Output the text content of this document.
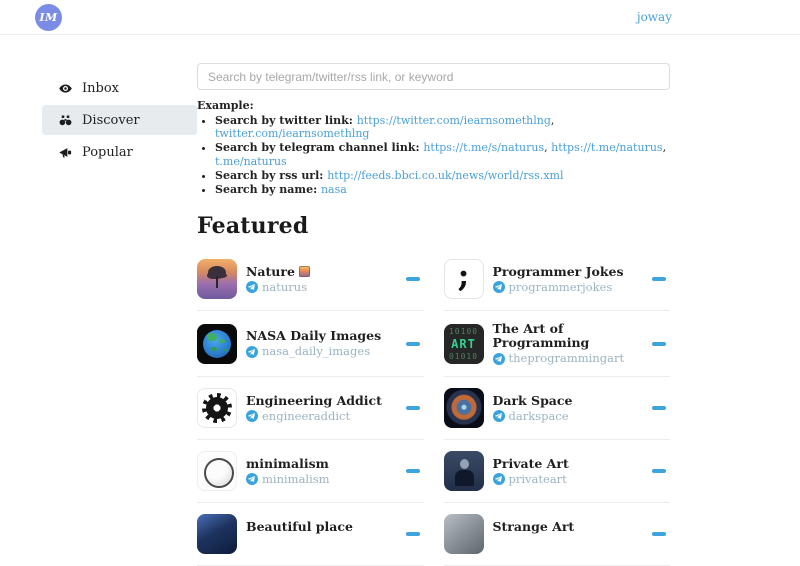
IM	joway
Inbox
Discover
Popular
Search by telegram/twitter/rss link, or keyword
Example:
• Search by twitter link: https://twitter.com/iearnsomethlng, twitter.com/iearnsomethlng
• Search by telegram channel link: https://t.me/s/naturus, https://t.me/naturus, t.me/naturus
• Search by rss url: http://feeds.bbci.co.uk/news/world/rss.xml
• Search by name: nasa
Featured
Nature
naturus	; Programmer Jokes
programmerjokes
NASA Daily Images
nasa_daily_images
ART
10100
01010
The Art of Programming
theprogrammingart
Engineering Addict
engineeraddict
Dark Space
darkspace
minimalism
minimalism
Private Art
privateart
Beautiful place	Strange Art
